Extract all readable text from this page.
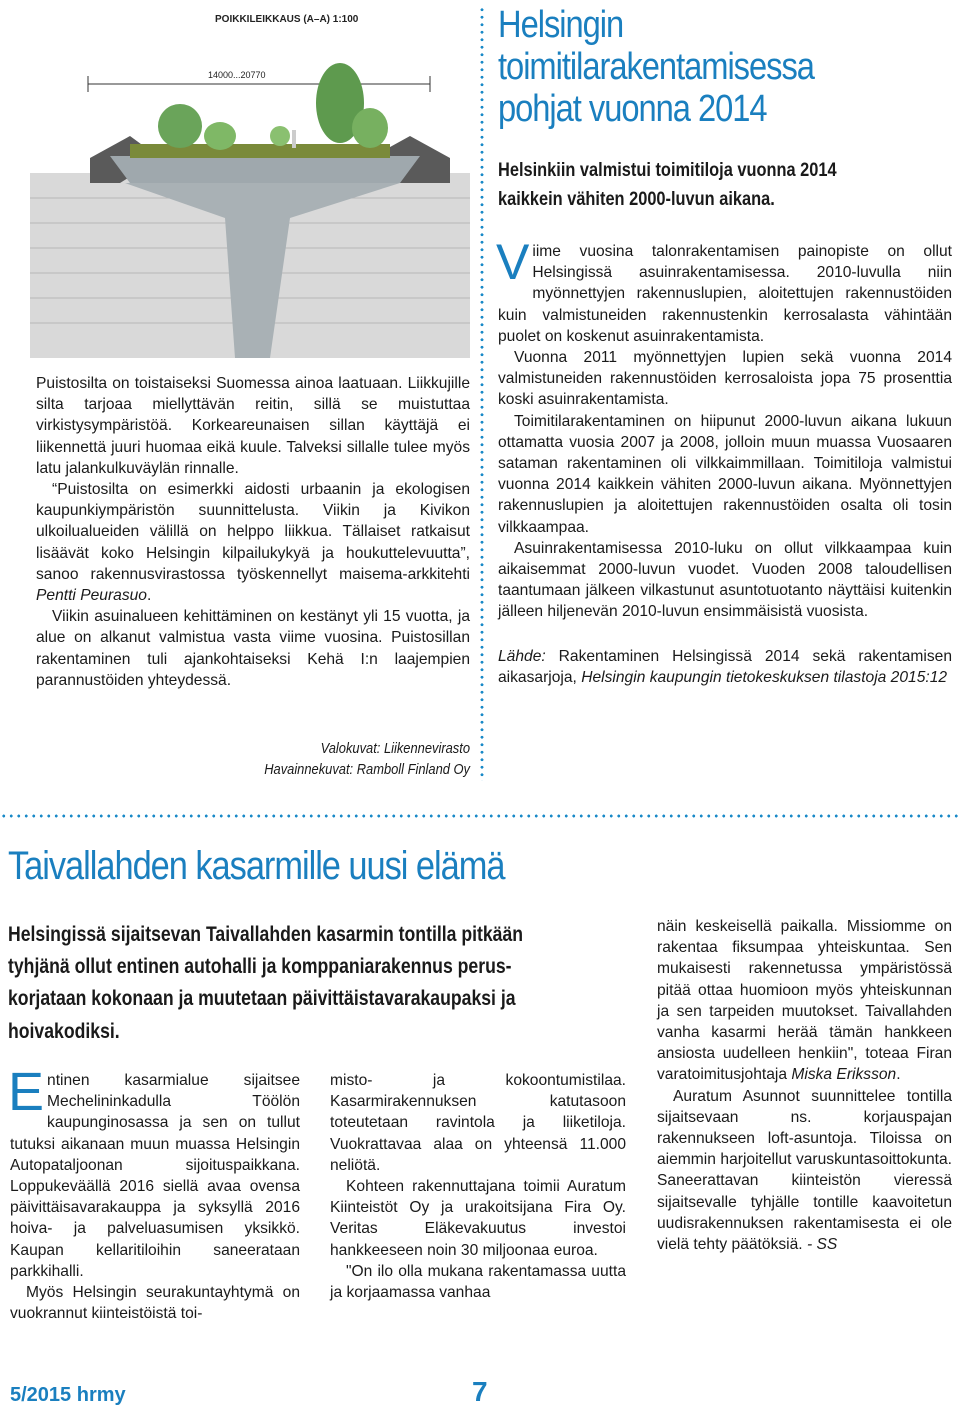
POIKKILEIKKAUS (A–A) 1:100
14000...20770

Puistosilta on toistaiseksi Suomessa ainoa laatuaan. Liikkujille silta tarjoaa miellyttävän reitin, sillä se muistuttaa virkistysympäristöä. Korkeareunaisen sillan käyttäjä ei liikennettä juuri huomaa eikä kuule. Talveksi sillalle tulee myös latu jalankulkuväylän rinnalle.

“Puistosilta on esimerkki aidosti urbaanin ja ekologisen kaupunkiympäristön suunnittelusta. Viikin ja Kivikon ulkoilualueiden välillä on helppo liikkua. Tällaiset ratkaisut lisäävät koko Helsingin kilpailukykyä ja houkuttelevuutta”, sanoo rakennusvirastossa työskennellyt maisema-arkkitehti Pentti Peurasuo.

Viikin asuinalueen kehittäminen on kestänyt yli 15 vuotta, ja alue on alkanut valmistua vasta viime vuosina. Puistosillan rakentaminen tuli ajankohtaiseksi Kehä I:n laajempien parannustöiden yhteydessä.

Valokuvat: Liikennevirasto
Havainnekuvat: Ramboll Finland Oy
Helsingin
toimitilarakentamisessa
pohjat vuonna 2014
Helsinkiin valmistui toimitiloja vuonna 2014
kaikkein vähiten 2000-luvun aikana.

Viime vuosina talonrakentamisen painopiste on ollut Helsingissä asuinrakentamisessa. 2010-luvulla niin myönnettyjen rakennuslupien, aloitettujen rakennustöiden kuin valmistuneiden rakennustenkin kerrosalasta vähintään puolet on koskenut asuinrakentamista.

Vuonna 2011 myönnettyjen lupien sekä vuonna 2014 valmistuneiden rakennustöiden kerrosaloista jopa 75 prosenttia koski asuinrakentamista.

Toimitilarakentaminen on hiipunut 2000-luvun aikana lukuun ottamatta vuosia 2007 ja 2008, jolloin muun muassa Vuosaaren sataman rakentaminen oli vilkkaimmillaan. Toimitiloja valmistui vuonna 2014 kaikkein vähiten 2000-luvun aikana. Myönnettyjen rakennuslupien ja aloitettujen rakennustöiden osalta oli tosin vilkkaampaa.

Asuinrakentamisessa 2010-luku on ollut vilkkaampaa kuin aikaisemmat 2000-luvun vuodet. Vuoden 2008 taloudellisen taantumaan jälkeen vilkastunut asuntotuotanto näyttäisi kuitenkin jälleen hiljenevän 2010-luvun ensimmäisistä vuosista.

Lähde: Rakentaminen Helsingissä 2014 sekä rakentamisen aikasarjoja, Helsingin kaupungin tietokeskuksen tilastoja 2015:12

Taivallahden kasarmille uusi elämä
Helsingissä sijaitsevan Taivallahden kasarmin tontilla pitkään
tyhjänä ollut entinen autohalli ja komppaniarakennus perus-
korjataan kokonaan ja muutetaan päivittäistavarakaupaksi ja
hoivakodiksi.

Entinen kasarmialue sijaitsee Mechelininkadulla Töölön kaupunginosassa ja sen on tullut tutuksi aikanaan muun muassa Helsingin Autopataljoonan sijoituspaikkana. Loppukeväällä 2016 siellä avaa ovensa päivittäisavarakauppa ja syksyllä 2016 hoiva- ja palveluasumisen yksikkö. Kaupan kellaritiloihin saneerataan parkkihalli.

Myös Helsingin seurakuntayhtymä on vuokrannut kiinteistöistä toi-

misto- ja kokoontumistilaa. Kasarmirakennuksen katutasoon toteutetaan ravintola ja liiketiloja. Vuokrattavaa alaa on yhteensä 11.000 neliötä.

Kohteen rakennuttajana toimii Auratum Kiinteistöt Oy ja urakoitsijana Fira Oy. Veritas Eläkevakuutus investoi hankkeeseen noin 30 miljoonaa euroa.

"On ilo olla mukana rakentamassa uutta ja korjaamassa vanhaa

näin keskeisellä paikalla. Missiomme on rakentaa fiksumpaa yhteiskuntaa. Sen mukaisesti rakennetussa ympäristössä pitää ottaa huomioon myös yhteiskunnan ja sen tarpeiden muutokset. Taivallahden vanha kasarmi herää tämän hankkeen ansiosta uudelleen henkiin", toteaa Firan varatoimitusjohtaja Miska Eriksson.

Auratum Asunnot suunnittelee tontilla sijaitsevaan ns. korjauspajan rakennukseen loft-asuntoja. Tiloissa on aiemmin harjoitellut varuskuntasoittokunta. Saneerattavan kiinteistön vieressä sijaitsevalle tyhjälle tontille kaavoitetun uudisrakennuksen rakentamisesta ei ole vielä tehty päätöksiä. - SS

5/2015 hrmy	7
